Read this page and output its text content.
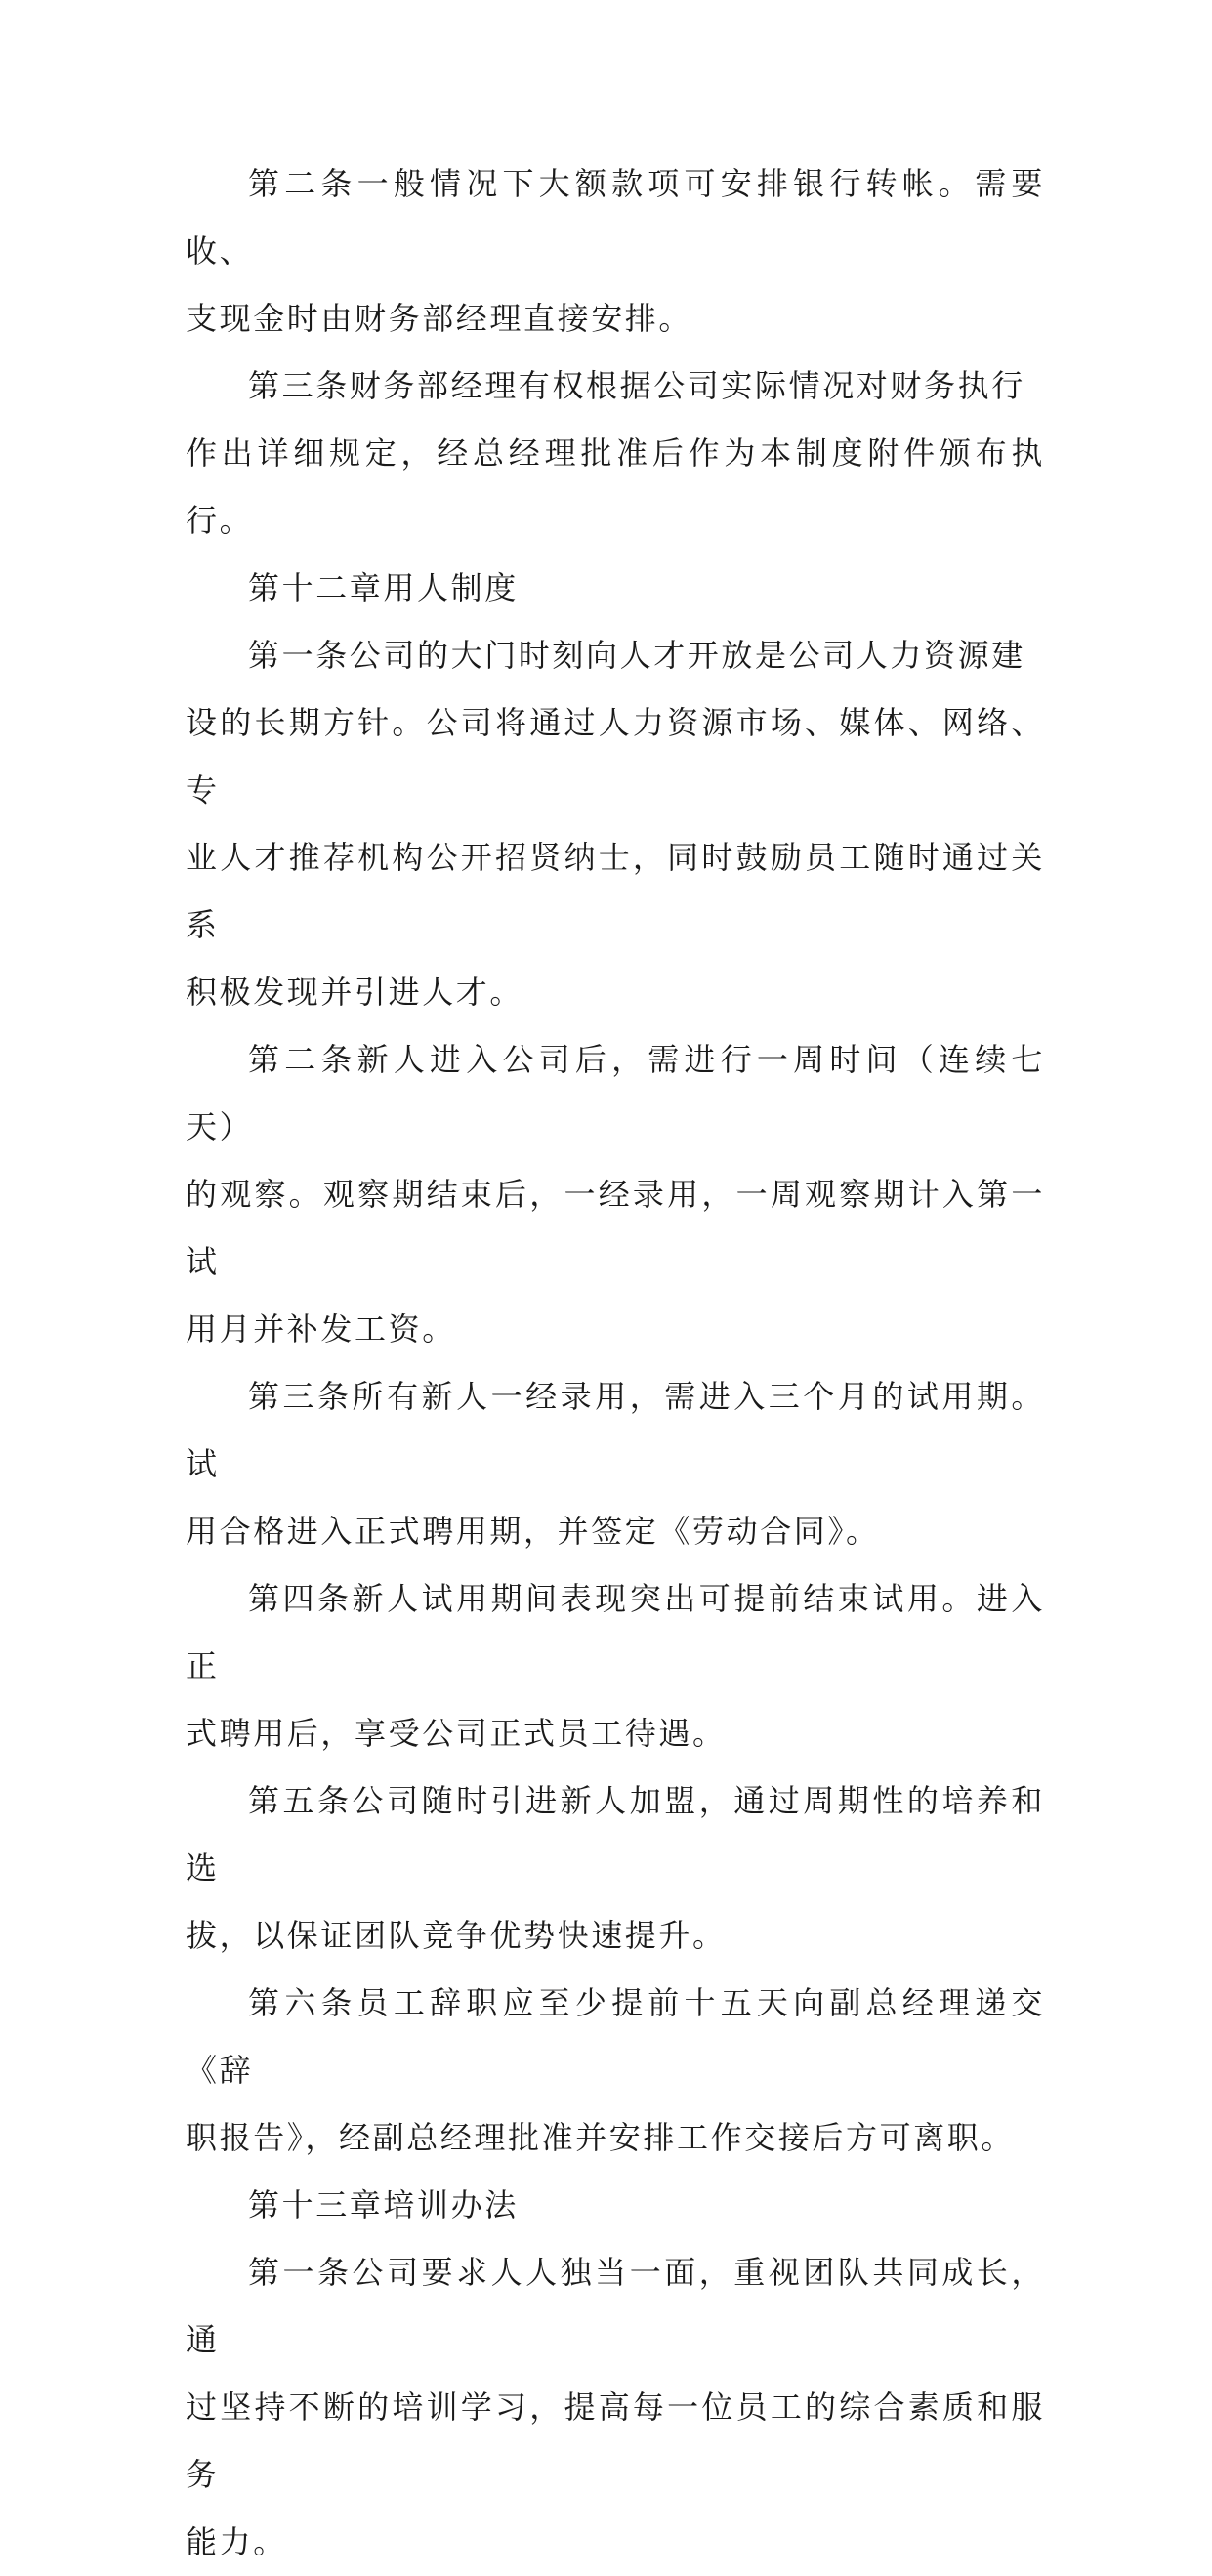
第二条一般情况下大额款项可安排银行转帐。需要收、
支现金时由财务部经理直接安排。

第三条财务部经理有权根据公司实际情况对财务执行
作出详细规定，经总经理批准后作为本制度附件颁布执行。

第十二章用人制度

第一条公司的大门时刻向人才开放是公司人力资源建
设的长期方针。公司将通过人力资源市场、媒体、网络、专
业人才推荐机构公开招贤纳士，同时鼓励员工随时通过关系
积极发现并引进人才。

第二条新人进入公司后，需进行一周时间（连续七天）
的观察。观察期结束后，一经录用，一周观察期计入第一试
用月并补发工资。

第三条所有新人一经录用，需进入三个月的试用期。试
用合格进入正式聘用期，并签定《劳动合同》。

第四条新人试用期间表现突出可提前结束试用。进入正
式聘用后，享受公司正式员工待遇。

第五条公司随时引进新人加盟，通过周期性的培养和选
拔，以保证团队竞争优势快速提升。

第六条员工辞职应至少提前十五天向副总经理递交《辞
职报告》，经副总经理批准并安排工作交接后方可离职。

第十三章培训办法

第一条公司要求人人独当一面，重视团队共同成长，通
过坚持不断的培训学习，提高每一位员工的综合素质和服务
能力。
